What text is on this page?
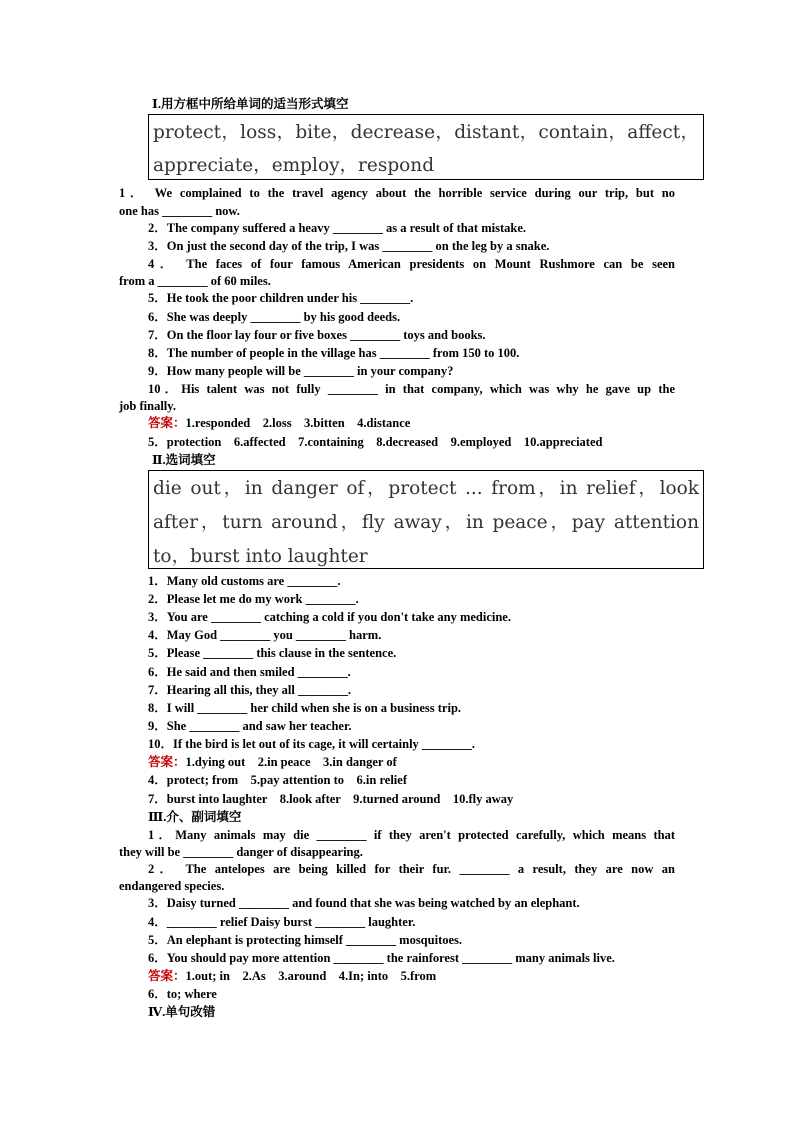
Ⅰ.用方框中所给单词的适当形式填空
protect，loss，bite，decrease，distant，contain，affect，
appreciate，employ，respond
1． We complained to the travel agency about the horrible service during our trip, but no
one has ________ now.
2．The company suffered a heavy ________ as a result of that mistake.
3．On just the second day of the trip, I was ________ on the leg by a snake.
4． The faces of four famous American presidents on Mount Rushmore can be seen
from a ________ of 60 miles.
5．He took the poor children under his ________.
6．She was deeply ________ by his good deeds.
7．On the floor lay four or five boxes ________ toys and books.
8．The number of people in the village has ________ from 150 to 100.
9．How many people will be ________ in your company?
10．His talent was not fully ________ in that company, which was why he gave up the
job finally.
答案：1.responded　2.loss　3.bitten　4.distance
5．protection　6.affected　7.containing　8.decreased　9.employed　10.appreciated
Ⅱ.选词填空
die out，in danger of，protect ... from，in relief，look
after，turn around，fly away，in peace，pay attention
to，burst into laughter
1．Many old customs are ________.
2．Please let me do my work ________.
3．You are ________ catching a cold if you don't take any medicine.
4．May God ________ you ________ harm.
5．Please ________ this clause in the sentence.
6．He said and then smiled ________.
7．Hearing all this, they all ________.
8．I will ________ her child when she is on a business trip.
9．She ________ and saw her teacher.
10．If the bird is let out of its cage, it will certainly ________.
答案：1.dying out　2.in peace　3.in danger of
4．protect; from　5.pay attention to　6.in relief
7．burst into laughter　8.look after　9.turned around　10.fly away
Ⅲ.介、副词填空
1．Many animals may die ________ if they aren't protected carefully, which means that
they will be ________ danger of disappearing.
2． The antelopes are being killed for their fur. ________ a result, they are now an
endangered species.
3．Daisy turned ________ and found that she was being watched by an elephant.
4．________ relief Daisy burst ________ laughter.
5．An elephant is protecting himself ________ mosquitoes.
6．You should pay more attention ________ the rainforest ________ many animals live.
答案：1.out; in　2.As　3.around　4.In; into　5.from
6．to; where
Ⅳ.单句改错
